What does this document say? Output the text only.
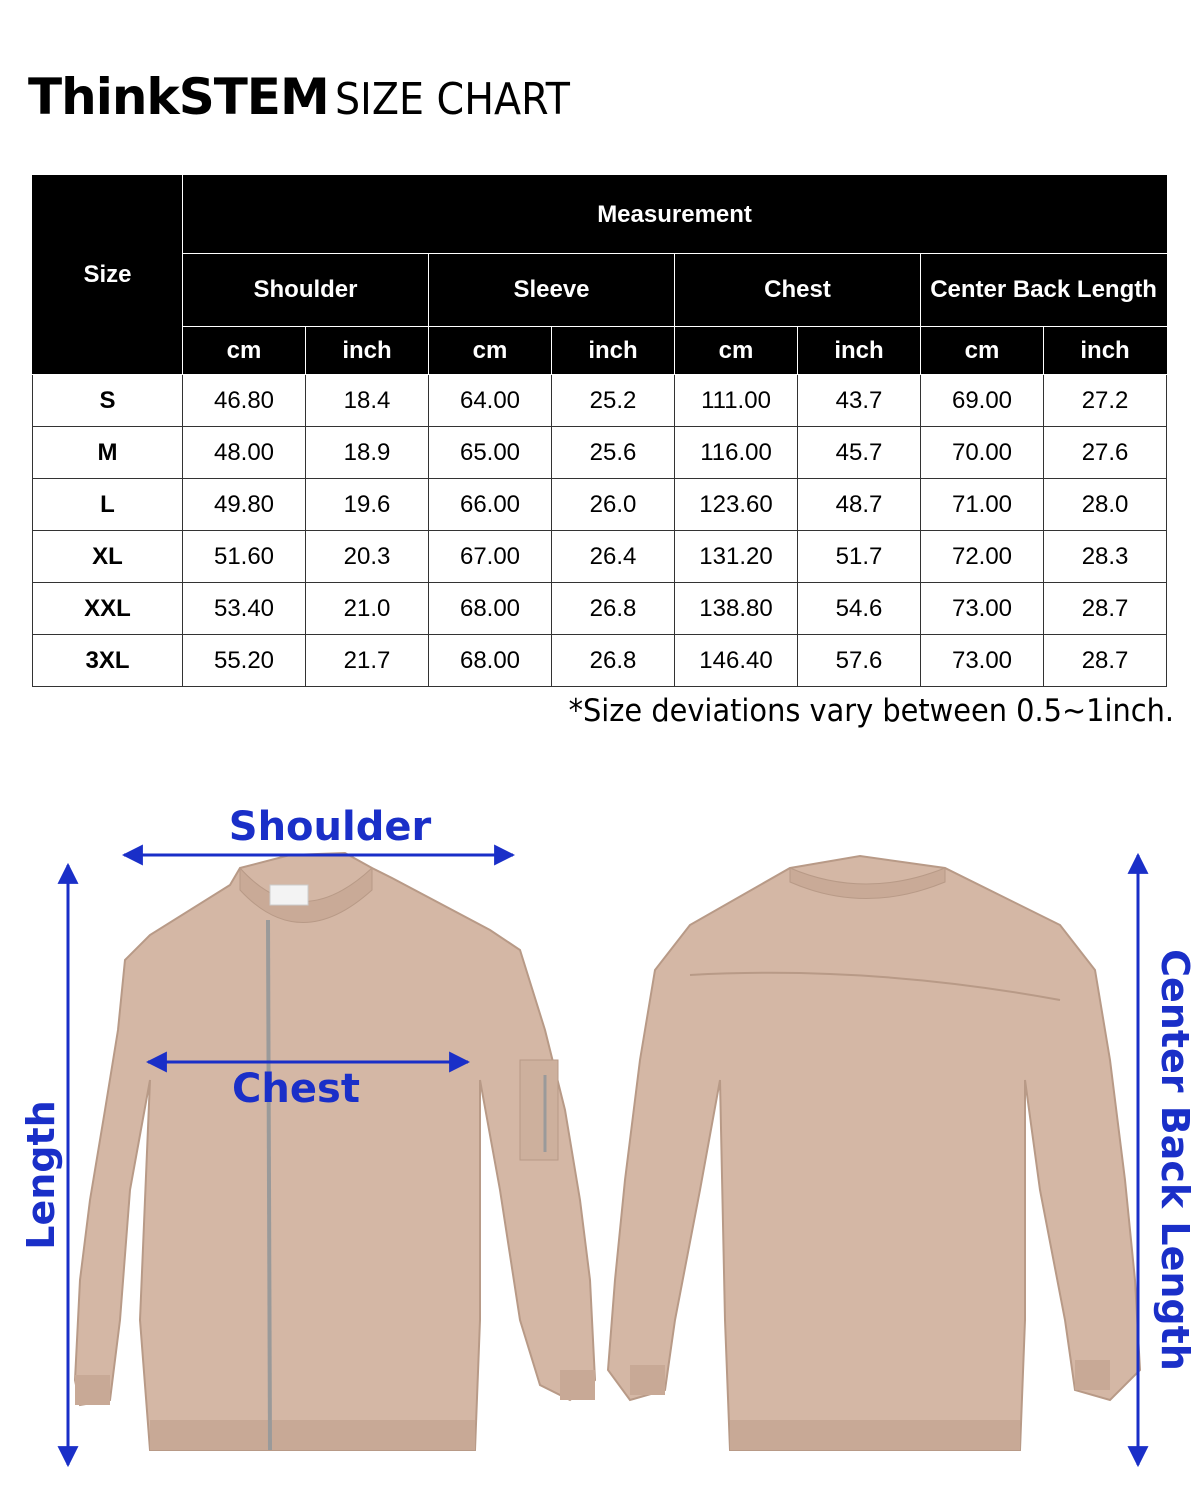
ThinkSTEM SIZE CHART
Size	Measurement							
	Shoulder		Sleeve		Chest		Center Back Length	
	cm	inch	cm	inch	cm	inch	cm	inch
S	46.80	18.4	64.00	25.2	111.00	43.7	69.00	27.2
M	48.00	18.9	65.00	25.6	116.00	45.7	70.00	27.6
L	49.80	19.6	66.00	26.0	123.60	48.7	71.00	28.0
XL	51.60	20.3	67.00	26.4	131.20	51.7	72.00	28.3
XXL	53.40	21.0	68.00	26.8	138.80	54.6	73.00	28.7
3XL	55.20	21.7	68.00	26.8	146.40	57.6	73.00	28.7
*Size deviations vary between 0.5~1inch.
Shoulder
Chest
Length	Center Back Length
